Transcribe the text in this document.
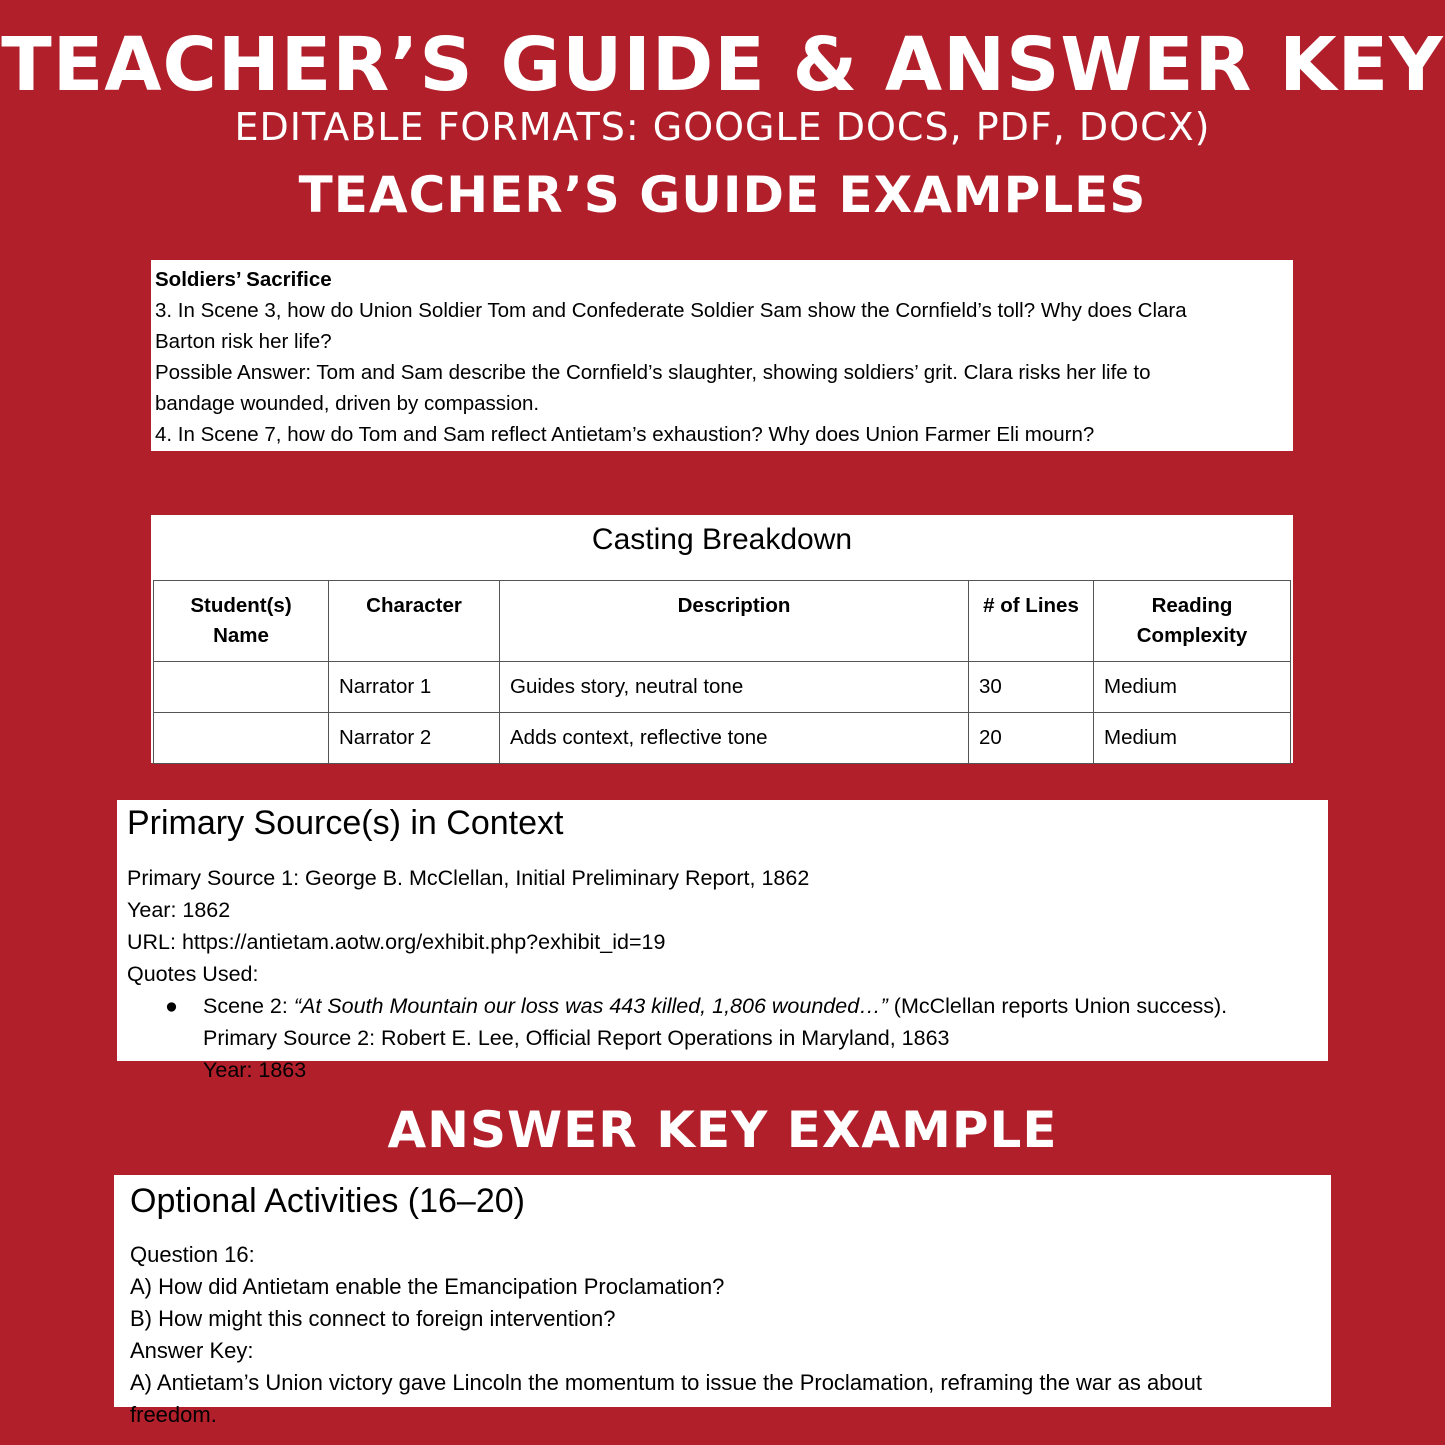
TEACHER’S GUIDE & ANSWER KEY
EDITABLE FORMATS: GOOGLE DOCS, PDF, DOCX)
TEACHER’S GUIDE EXAMPLES
Soldiers’ Sacrifice
3. In Scene 3, how do Union Soldier Tom and Confederate Soldier Sam show the Cornfield’s toll? Why does Clara
Barton risk her life?
Possible Answer: Tom and Sam describe the Cornfield’s slaughter, showing soldiers’ grit. Clara risks her life to
bandage wounded, driven by compassion.
4. In Scene 7, how do Tom and Sam reflect Antietam’s exhaustion? Why does Union Farmer Eli mourn?
Casting Breakdown
Student(s) Name	Character	Description	# of Lines	Reading Complexity
	Narrator 1	Guides story, neutral tone	30	Medium
	Narrator 2	Adds context, reflective tone	20	Medium
Primary Source(s) in Context
Primary Source 1: George B. McClellan, Initial Preliminary Report, 1862
Year: 1862
URL: https://antietam.aotw.org/exhibit.php?exhibit_id=19
Quotes Used:
● Scene 2: “At South Mountain our loss was 443 killed, 1,806 wounded…” (McClellan reports Union success).
Primary Source 2: Robert E. Lee, Official Report Operations in Maryland, 1863
Year: 1863
ANSWER KEY EXAMPLE
Optional Activities (16–20)
Question 16:
A) How did Antietam enable the Emancipation Proclamation?
B) How might this connect to foreign intervention?
Answer Key:
A) Antietam’s Union victory gave Lincoln the momentum to issue the Proclamation, reframing the war as about
freedom.
